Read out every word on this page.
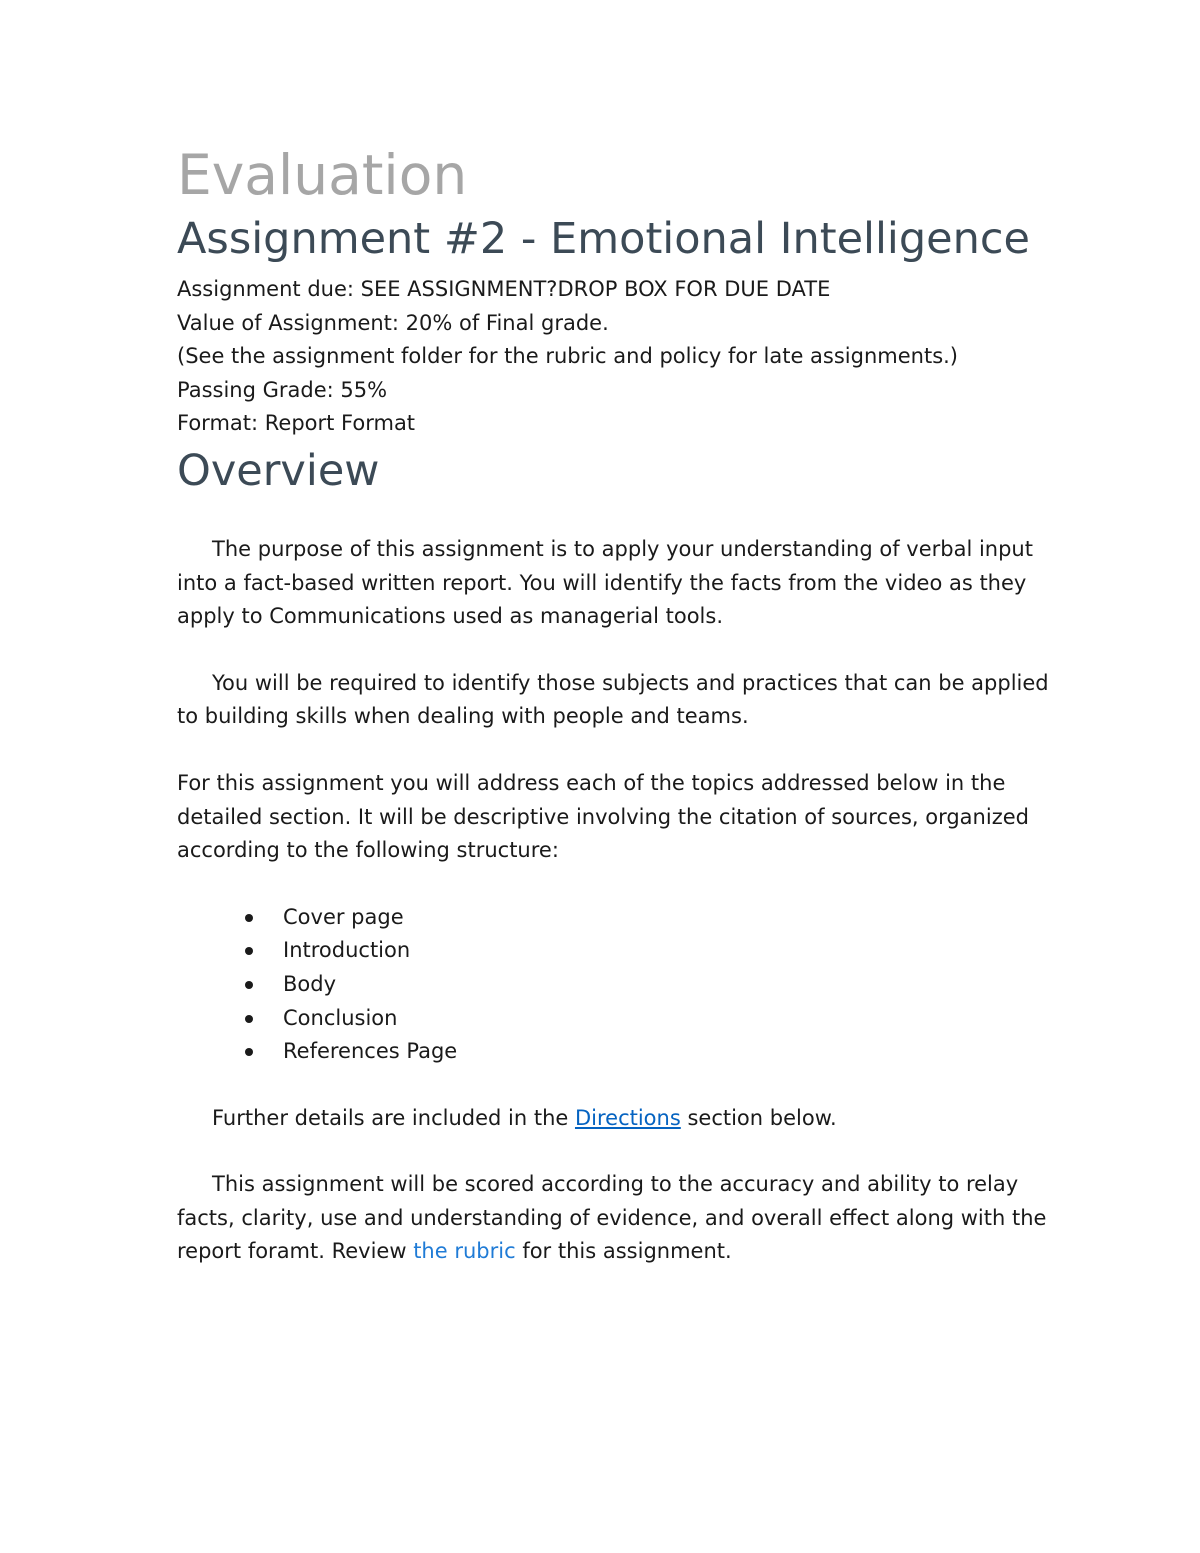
Evaluation
Assignment #2 - Emotional Intelligence
Assignment due: SEE ASSIGNMENT?DROP BOX FOR DUE DATE
Value of Assignment: 20% of Final grade.
(See the assignment folder for the rubric and policy for late assignments.)
Passing Grade: 55%
Format: Report Format
Overview

The purpose of this assignment is to apply your understanding of verbal input into a fact-based written report. You will identify the facts from the video as they apply to Communications used as managerial tools.

You will be required to identify those subjects and practices that can be applied to building skills when dealing with people and teams.

For this assignment you will address each of the topics addressed below in the detailed section. It will be descriptive involving the citation of sources, organized according to the following structure:

Cover page
Introduction
Body
Conclusion
References Page

Further details are included in the Directions section below.

This assignment will be scored according to the accuracy and ability to relay facts, clarity, use and understanding of evidence, and overall effect along with the report foramt. Review the rubric for this assignment.
